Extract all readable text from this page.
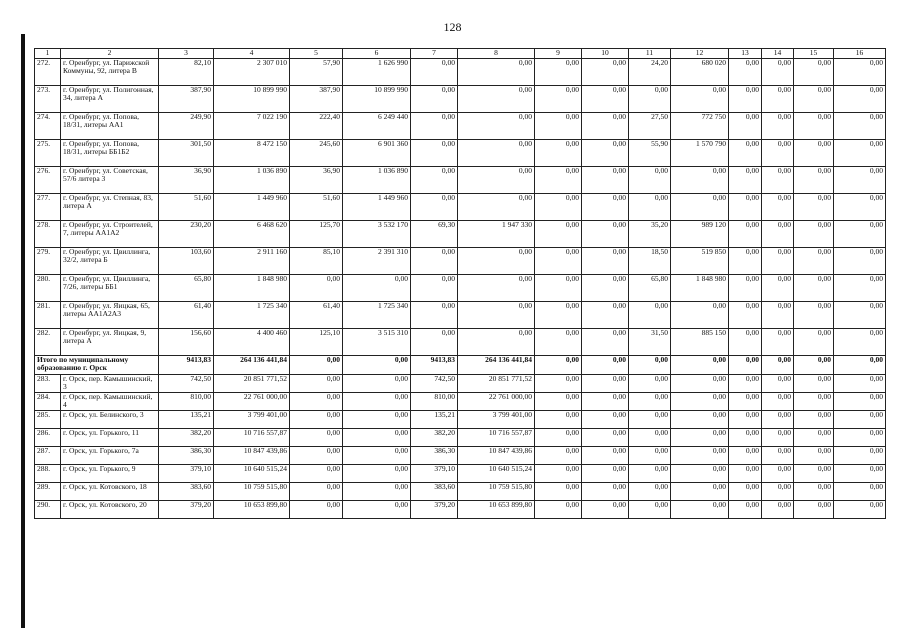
128
1	2	3	4	5	6	7	8	9	10	11	12	13	14	15	16
272.	г. Оренбург, ул. Парижской Коммуны, 92, литера В	82,10	2 307 010	57,90	1 626 990	0,00	0,00	0,00	0,00	24,20	680 020	0,00	0,00	0,00	0,00
273.	г. Оренбург, ул. Полигонная, 34, литера А	387,90	10 899 990	387,90	10 899 990	0,00	0,00	0,00	0,00	0,00	0,00	0,00	0,00	0,00	0,00
274.	г. Оренбург, ул. Попова, 18/31, литеры АА1	249,90	7 022 190	222,40	6 249 440	0,00	0,00	0,00	0,00	27,50	772 750	0,00	0,00	0,00	0,00
275.	г. Оренбург, ул. Попова, 18/31, литеры ББ1Б2	301,50	8 472 150	245,60	6 901 360	0,00	0,00	0,00	0,00	55,90	1 570 790	0,00	0,00	0,00	0,00
276.	г. Оренбург, ул. Советская, 57/6 литера 3	36,90	1 036 890	36,90	1 036 890	0,00	0,00	0,00	0,00	0,00	0,00	0,00	0,00	0,00	0,00
277.	г. Оренбург, ул. Степная, 83, литера А	51,60	1 449 960	51,60	1 449 960	0,00	0,00	0,00	0,00	0,00	0,00	0,00	0,00	0,00	0,00
278.	г. Оренбург, ул. Строителей, 7, литеры АА1А2	230,20	6 468 620	125,70	3 532 170	69,30	1 947 330	0,00	0,00	35,20	989 120	0,00	0,00	0,00	0,00
279.	г. Оренбург, ул. Цвиллинга, 32/2, литера Б	103,60	2 911 160	85,10	2 391 310	0,00	0,00	0,00	0,00	18,50	519 850	0,00	0,00	0,00	0,00
280.	г. Оренбург, ул. Цвиллинга, 7/26, литеры ББ1	65,80	1 848 980	0,00	0,00	0,00	0,00	0,00	0,00	65,80	1 848 980	0,00	0,00	0,00	0,00
281.	г. Оренбург, ул. Яицкая, 65, литеры АА1А2А3	61,40	1 725 340	61,40	1 725 340	0,00	0,00	0,00	0,00	0,00	0,00	0,00	0,00	0,00	0,00
282.	г. Оренбург, ул. Яицкая, 9, литера А	156,60	4 400 460	125,10	3 515 310	0,00	0,00	0,00	0,00	31,50	885 150	0,00	0,00	0,00	0,00
Итого по муниципальному образованию г. Орск		9413,83	264 136 441,84	0,00	0,00	9413,83	264 136 441,84	0,00	0,00	0,00	0,00	0,00	0,00	0,00	0,00
283.	г. Орск, пер. Камышинский, 3	742,50	20 851 771,52	0,00	0,00	742,50	20 851 771,52	0,00	0,00	0,00	0,00	0,00	0,00	0,00	0,00
284.	г. Орск, пер. Камышинский, 4	810,00	22 761 000,00	0,00	0,00	810,00	22 761 000,00	0,00	0,00	0,00	0,00	0,00	0,00	0,00	0,00
285.	г. Орск, ул. Белинского, 3	135,21	3 799 401,00	0,00	0,00	135,21	3 799 401,00	0,00	0,00	0,00	0,00	0,00	0,00	0,00	0,00
286.	г. Орск, ул. Горького, 11	382,20	10 716 557,87	0,00	0,00	382,20	10 716 557,87	0,00	0,00	0,00	0,00	0,00	0,00	0,00	0,00
287.	г. Орск, ул. Горького, 7а	386,30	10 847 439,86	0,00	0,00	386,30	10 847 439,86	0,00	0,00	0,00	0,00	0,00	0,00	0,00	0,00
288.	г. Орск, ул. Горького, 9	379,10	10 640 515,24	0,00	0,00	379,10	10 640 515,24	0,00	0,00	0,00	0,00	0,00	0,00	0,00	0,00
289.	г. Орск, ул. Котовского, 18	383,60	10 759 515,80	0,00	0,00	383,60	10 759 515,80	0,00	0,00	0,00	0,00	0,00	0,00	0,00	0,00
290.	г. Орск, ул. Котовского, 20	379,20	10 653 899,80	0,00	0,00	379,20	10 653 899,80	0,00	0,00	0,00	0,00	0,00	0,00	0,00	0,00
